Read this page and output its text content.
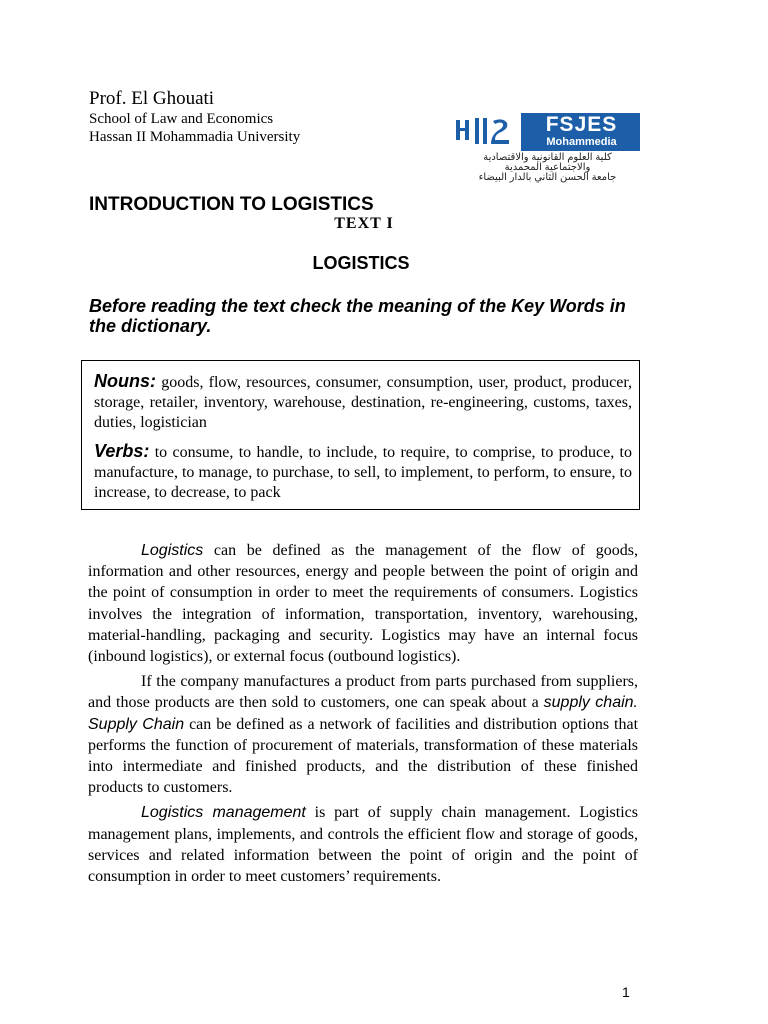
Prof. El Ghouati
School of Law and Economics
Hassan II Mohammadia University
FSJES
Mohammedia
كلية العلوم القانونية والاقتصادية
والاجتماعية المحمدية
جامعة الحسن الثاني بالدار البيضاء
INTRODUCTION TO LOGISTICS
TEXT I
LOGISTICS
Before reading the text check the meaning of the Key Words in the dictionary.
Nouns: goods, flow, resources, consumer, consumption, user, product, producer, storage, retailer, inventory, warehouse, destination, re-engineering, customs, taxes, duties, logistician
Verbs: to consume, to handle, to include, to require, to comprise, to produce, to manufacture, to manage, to purchase, to sell, to implement, to perform, to ensure, to increase, to decrease, to pack

Logistics can be defined as the management of the flow of goods, information and other resources, energy and people between the point of origin and the point of consumption in order to meet the requirements of consumers. Logistics involves the integration of information, transportation, inventory, warehousing, material-handling, packaging and security. Logistics may have an internal focus (inbound logistics), or external focus (outbound logistics).

If the company manufactures a product from parts purchased from suppliers, and those products are then sold to customers, one can speak about a supply chain. Supply Chain can be defined as a network of facilities and distribution options that performs the function of procurement of materials, transformation of these materials into intermediate and finished products, and the distribution of these finished products to customers.

Logistics management is part of supply chain management. Logistics management plans, implements, and controls the efficient flow and storage of goods, services and related information between the point of origin and the point of consumption in order to meet customers’ requirements.

1
